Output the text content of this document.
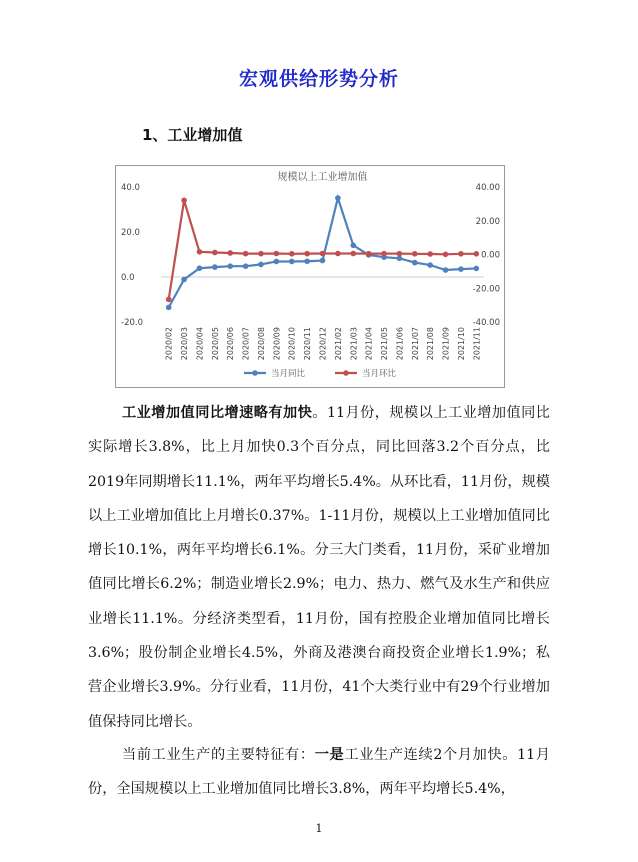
宏观供给形势分析
1、工业增加值
规模以上工业增加值
40.0
20.0
0.0
-20.0
40.00
20.00
0.00
-20.00
-40.00
2020/02 2020/03 2020/04 2020/05 2020/06 2020/07 2020/08 2020/09 2020/10 2020/11 2020/12 2021/02 2021/03 2021/04 2021/05 2021/06 2021/07 2021/08 2021/09 2021/10 2021/11
当月同比	当月环比

工业增加值同比增速略有加快。11月份，规模以上工业增加值同比实际增长3.8%，比上月加快0.3个百分点，同比回落3.2个百分点，比2019年同期增长11.1%，两年平均增长5.4%。从环比看，11月份，规模以上工业增加值比上月增长0.37%。1-11月份，规模以上工业增加值同比增长10.1%，两年平均增长6.1%。分三大门类看，11月份，采矿业增加值同比增长6.2%；制造业增长2.9%；电力、热力、燃气及水生产和供应业增长11.1%。分经济类型看，11月份，国有控股企业增加值同比增长3.6%；股份制企业增长4.5%，外商及港澳台商投资企业增长1.9%；私营企业增长3.9%。分行业看，11月份，41个大类行业中有29个行业增加值保持同比增长。

当前工业生产的主要特征有：一是工业生产连续2个月加快。11月份，全国规模以上工业增加值同比增长3.8%，两年平均增长5.4%，

1
